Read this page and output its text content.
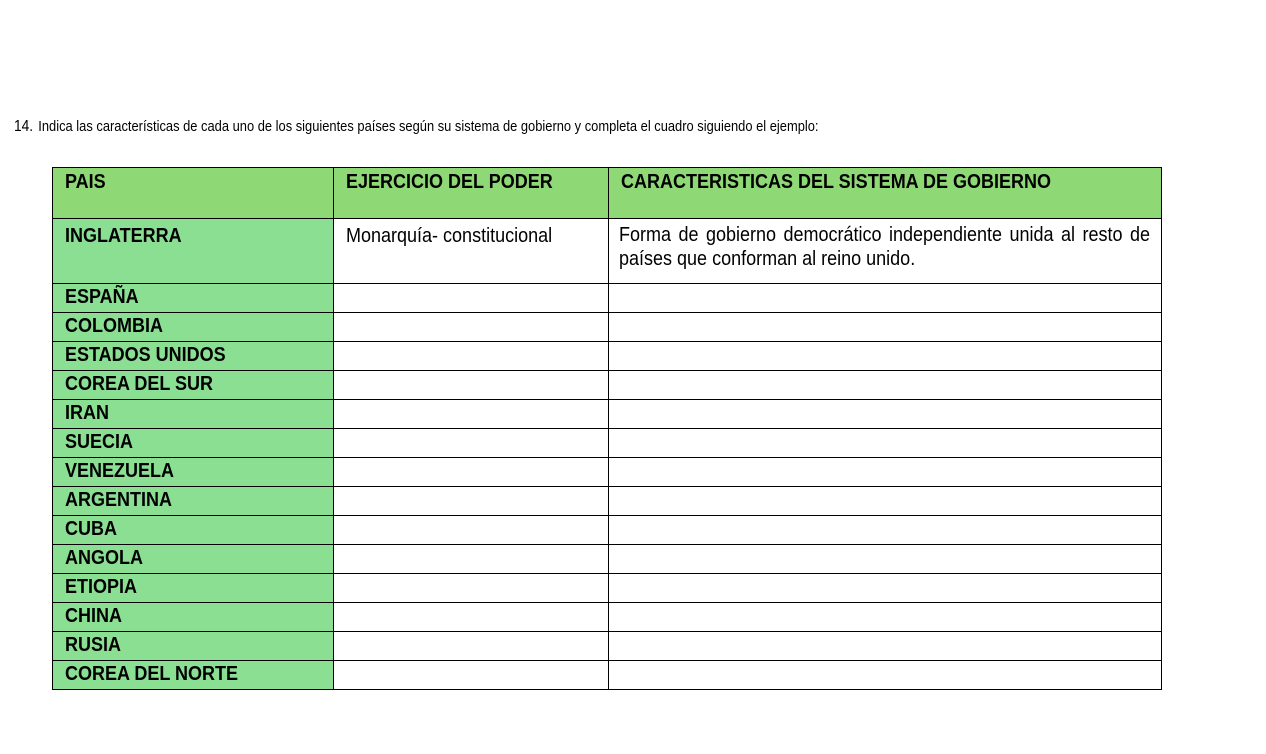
14. Indica las características de cada uno de los siguientes países según su sistema de gobierno y completa el cuadro siguiendo el ejemplo:
PAIS	EJERCICIO DEL PODER	CARACTERISTICAS DEL SISTEMA DE GOBIERNO
INGLATERRA	Monarquía- constitucional	Forma de gobierno democrático independiente unida al resto de países que conforman al reino unido.

ESPAÑA		
COLOMBIA		
ESTADOS UNIDOS		
COREA DEL SUR		
IRAN		
SUECIA		
VENEZUELA		
ARGENTINA		
CUBA		
ANGOLA		
ETIOPIA		
CHINA		
RUSIA		
COREA DEL NORTE		
